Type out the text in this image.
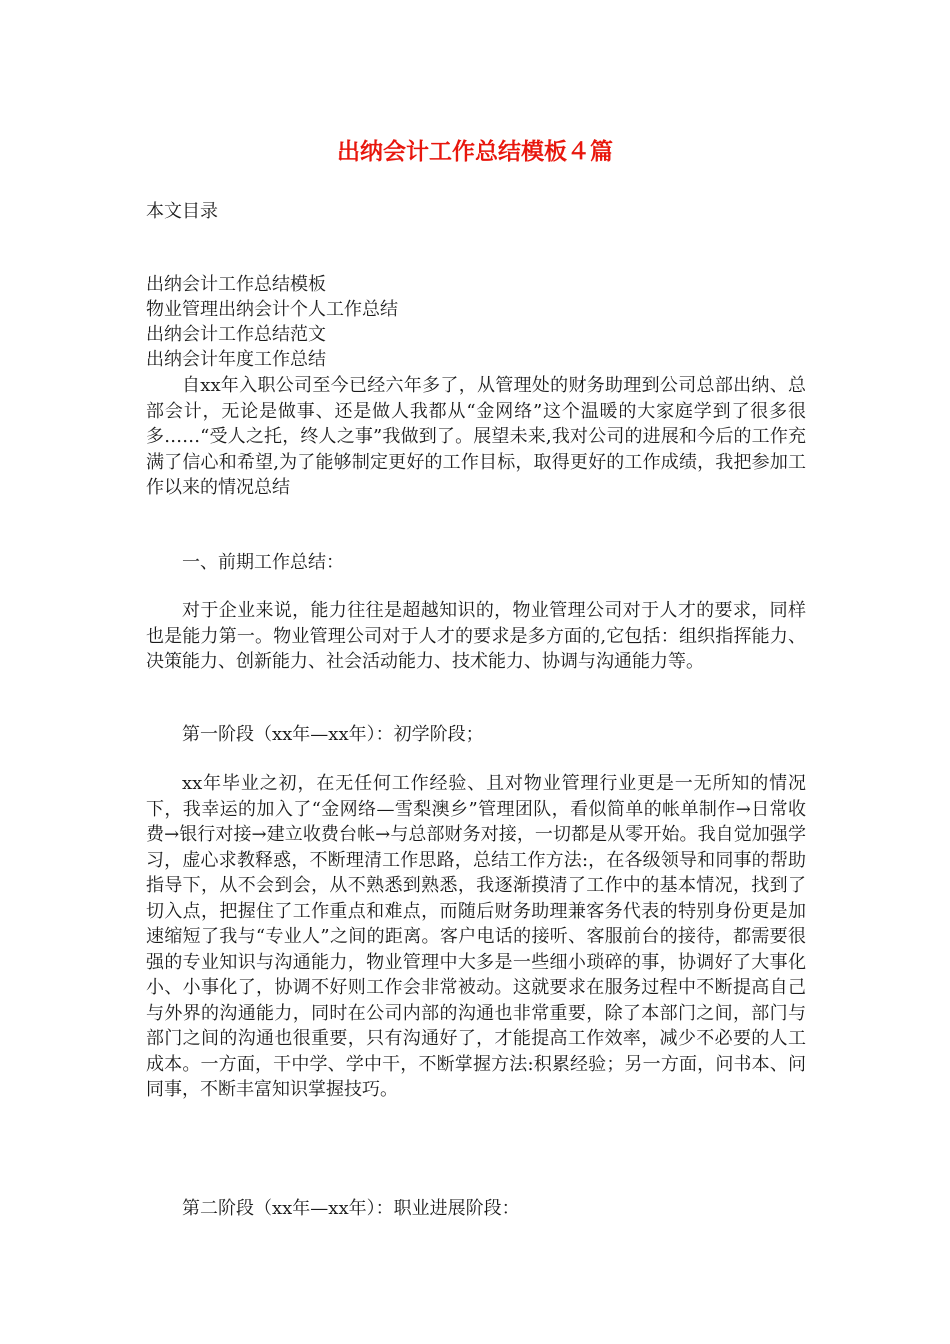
出纳会计工作总结模板４篇

本文目录

出纳会计工作总结模板
物业管理出纳会计个人工作总结
出纳会计工作总结范文
出纳会计年度工作总结

自xx年入职公司至今已经六年多了，从管理处的财务助理到公司总部出纳、总部会计，无论是做事、还是做人我都从“金网络”这个温暖的大家庭学到了很多很多……“受人之托，终人之事”我做到了。展望未来,我对公司的进展和今后的工作充满了信心和希望,为了能够制定更好的工作目标，取得更好的工作成绩，我把参加工作以来的情况总结

一、前期工作总结：

对于企业来说，能力往往是超越知识的，物业管理公司对于人才的要求，同样也是能力第一。物业管理公司对于人才的要求是多方面的,它包括：组织指挥能力、决策能力、创新能力、社会活动能力、技术能力、协调与沟通能力等。

第一阶段（xx年—xx年）：初学阶段；

xx年毕业之初，在无任何工作经验、且对物业管理行业更是一无所知的情况下，我幸运的加入了“金网络—雪梨澳乡”管理团队，看似简单的帐单制作→日常收费→银行对接→建立收费台帐→与总部财务对接，一切都是从零开始。我自觉加强学习，虚心求教释惑，不断理清工作思路，总结工作方法:，在各级领导和同事的帮助指导下，从不会到会，从不熟悉到熟悉，我逐渐摸清了工作中的基本情况，找到了切入点，把握住了工作重点和难点，而随后财务助理兼客务代表的特别身份更是加速缩短了我与“专业人”之间的距离。客户电话的接听、客服前台的接待，都需要很强的专业知识与沟通能力，物业管理中大多是一些细小琐碎的事，协调好了大事化小、小事化了，协调不好则工作会非常被动。这就要求在服务过程中不断提高自己与外界的沟通能力，同时在公司内部的沟通也非常重要，除了本部门之间，部门与部门之间的沟通也很重要，只有沟通好了，才能提高工作效率，减少不必要的人工成本。一方面，干中学、学中干，不断掌握方法:积累经验；另一方面，问书本、问同事，不断丰富知识掌握技巧。

第二阶段（xx年—xx年）：职业进展阶段：
